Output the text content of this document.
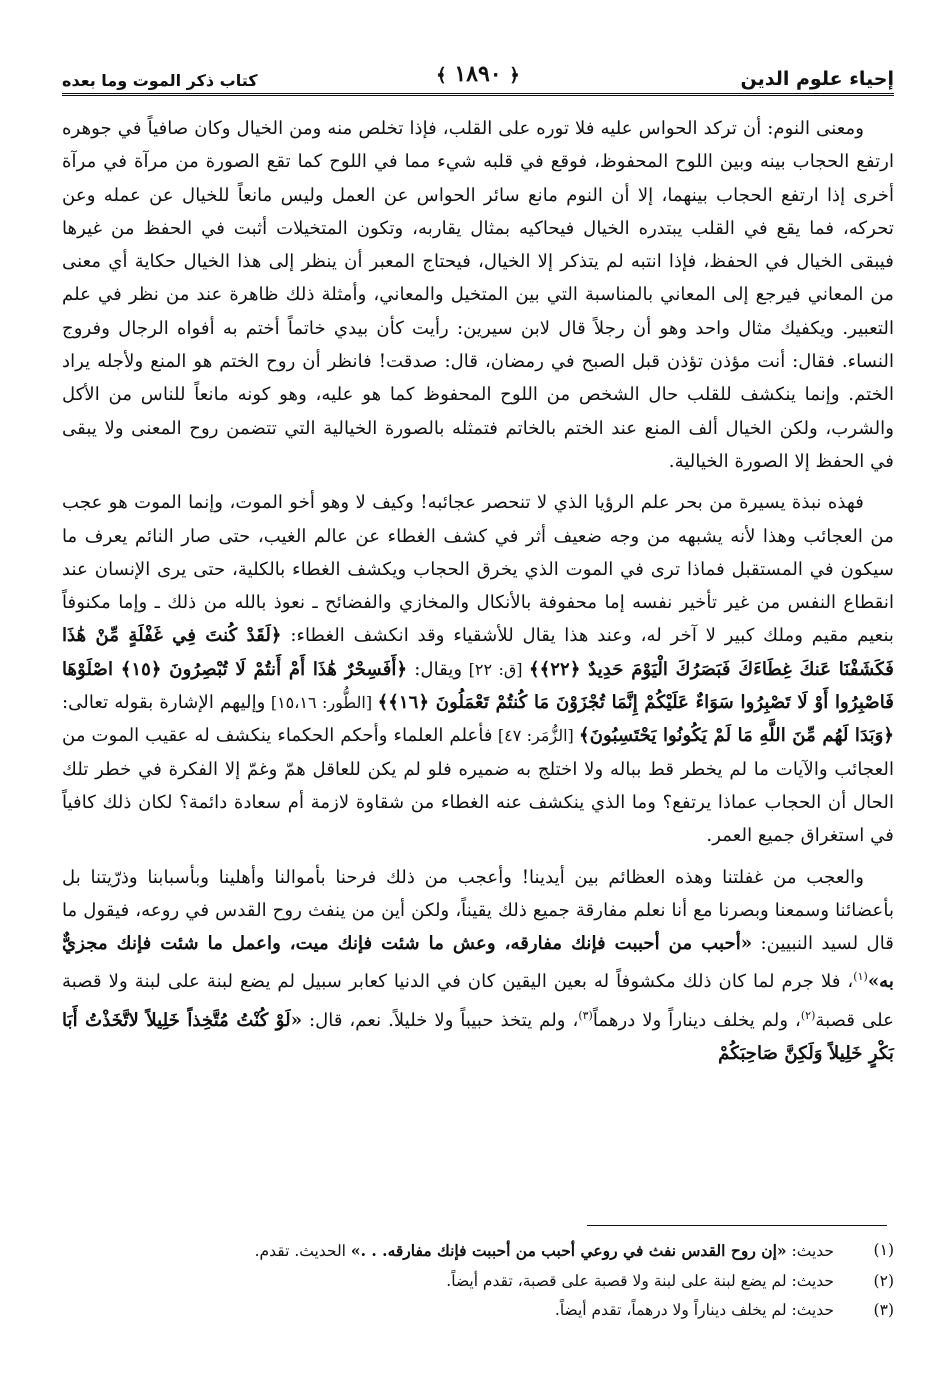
إحياء علوم الدين
﴿ ١٨٩٠ ﴾
كتاب ذكر الموت وما بعده

ومعنى النوم: أن تركد الحواس عليه فلا توره على القلب، فإذا تخلص منه ومن الخيال وكان صافياً في جوهره ارتفع الحجاب بينه وبين اللوح المحفوظ، فوقع في قلبه شيء مما في اللوح كما تقع الصورة من مرآة في مرآة أخرى إذا ارتفع الحجاب بينهما، إلا أن النوم مانع سائر الحواس عن العمل وليس مانعاً للخيال عن عمله وعن تحركه، فما يقع في القلب يبتدره الخيال فيحاكيه بمثال يقاربه، وتكون المتخيلات أثبت في الحفظ من غيرها فيبقى الخيال في الحفظ، فإذا انتبه لم يتذكر إلا الخيال، فيحتاج المعبر أن ينظر إلى هذا الخيال حكاية أي معنى من المعاني فيرجع إلى المعاني بالمناسبة التي بين المتخيل والمعاني، وأمثلة ذلك ظاهرة عند من نظر في علم التعبير. ويكفيك مثال واحد وهو أن رجلاً قال لابن سيرين: رأيت كأن بيدي خاتماً أختم به أفواه الرجال وفروج النساء. فقال: أنت مؤذن تؤذن قبل الصبح في رمضان، قال: صدقت! فانظر أن روح الختم هو المنع ولأجله يراد الختم. وإنما ينكشف للقلب حال الشخص من اللوح المحفوظ كما هو عليه، وهو كونه مانعاً للناس من الأكل والشرب، ولكن الخيال ألف المنع عند الختم بالخاتم فتمثله بالصورة الخيالية التي تتضمن روح المعنى ولا يبقى في الحفظ إلا الصورة الخيالية.

فهذه نبذة يسيرة من بحر علم الرؤيا الذي لا تنحصر عجائبه! وكيف لا وهو أخو الموت، وإنما الموت هو عجب من العجائب وهذا لأنه يشبهه من وجه ضعيف أثر في كشف الغطاء عن عالم الغيب، حتى صار النائم يعرف ما سيكون في المستقبل فماذا ترى في الموت الذي يخرق الحجاب ويكشف الغطاء بالكلية، حتى يرى الإنسان عند انقطاع النفس من غير تأخير نفسه إما محفوفة بالأنكال والمخازي والفضائح ـ نعوذ بالله من ذلك ـ وإما مكنوفاً بنعيم مقيم وملك كبير لا آخر له، وعند هذا يقال للأشقياء وقد انكشف الغطاء: ﴿لَقَدْ كُنتَ فِي غَفْلَةٍ مِّنْ هَٰذَا فَكَشَفْنَا عَنكَ غِطَاءَكَ فَبَصَرُكَ الْيَوْمَ حَدِيدٌ ﴿٢٢﴾﴾ [ق: ٢٢] ويقال: ﴿أَفَسِحْرٌ هَٰذَا أَمْ أَنتُمْ لَا تُبْصِرُونَ ﴿١٥﴾ اصْلَوْهَا فَاصْبِرُوا أَوْ لَا تَصْبِرُوا سَوَاءٌ عَلَيْكُمْ إِنَّمَا تُجْزَوْنَ مَا كُنتُمْ تَعْمَلُونَ ﴿١٦﴾﴾ [الطُّور: ١٥،١٦] وإليهم الإشارة بقوله تعالى: ﴿وَبَدَا لَهُم مِّنَ اللَّهِ مَا لَمْ يَكُونُوا يَحْتَسِبُونَ﴾ [الزُّمَر: ٤٧] فأعلم العلماء وأحكم الحكماء ينكشف له عقيب الموت من العجائب والآيات ما لم يخطر قط بباله ولا اختلج به ضميره فلو لم يكن للعاقل همّ وغمّ إلا الفكرة في خطر تلك الحال أن الحجاب عماذا يرتفع؟ وما الذي ينكشف عنه الغطاء من شقاوة لازمة أم سعادة دائمة؟ لكان ذلك كافياً في استغراق جميع العمر.

والعجب من غفلتنا وهذه العظائم بين أيدينا! وأعجب من ذلك فرحنا بأموالنا وأهلينا وبأسبابنا وذرّيتنا بل بأعضائنا وسمعنا وبصرنا مع أنا نعلم مفارقة جميع ذلك يقيناً، ولكن أين من ينفث روح القدس في روعه، فيقول ما قال لسيد النبيين: «أحبب من أحببت فإنك مفارقه، وعش ما شئت فإنك ميت، واعمل ما شئت فإنك مجزيٌّ به»$^{(١)}$، فلا جرم لما كان ذلك مكشوفاً له بعين اليقين كان في الدنيا كعابر سبيل لم يضع لبنة على لبنة ولا قصبة على قصبة$^{(٢)}$، ولم يخلف ديناراً ولا درهماً$^{(٣)}$، ولم يتخذ حبيباً ولا خليلاً. نعم، قال: «لَوْ كُنْتُ مُتَّخِذاً خَلِيلاً لاتَّخَذْتُ أَبَا بَكْرٍ خَلِيلاً وَلَكِنَّ صَاحِبَكُمْ

(١)
حديث: «إن روح القدس نفث في روعي أحبب من أحببت فإنك مفارقه. . .» الحديث. تقدم.
(٢)
حديث: لم يضع لبنة على لبنة ولا قصبة على قصبة، تقدم أيضاً.
(٣)
حديث: لم يخلف ديناراً ولا درهماً، تقدم أيضاً.
